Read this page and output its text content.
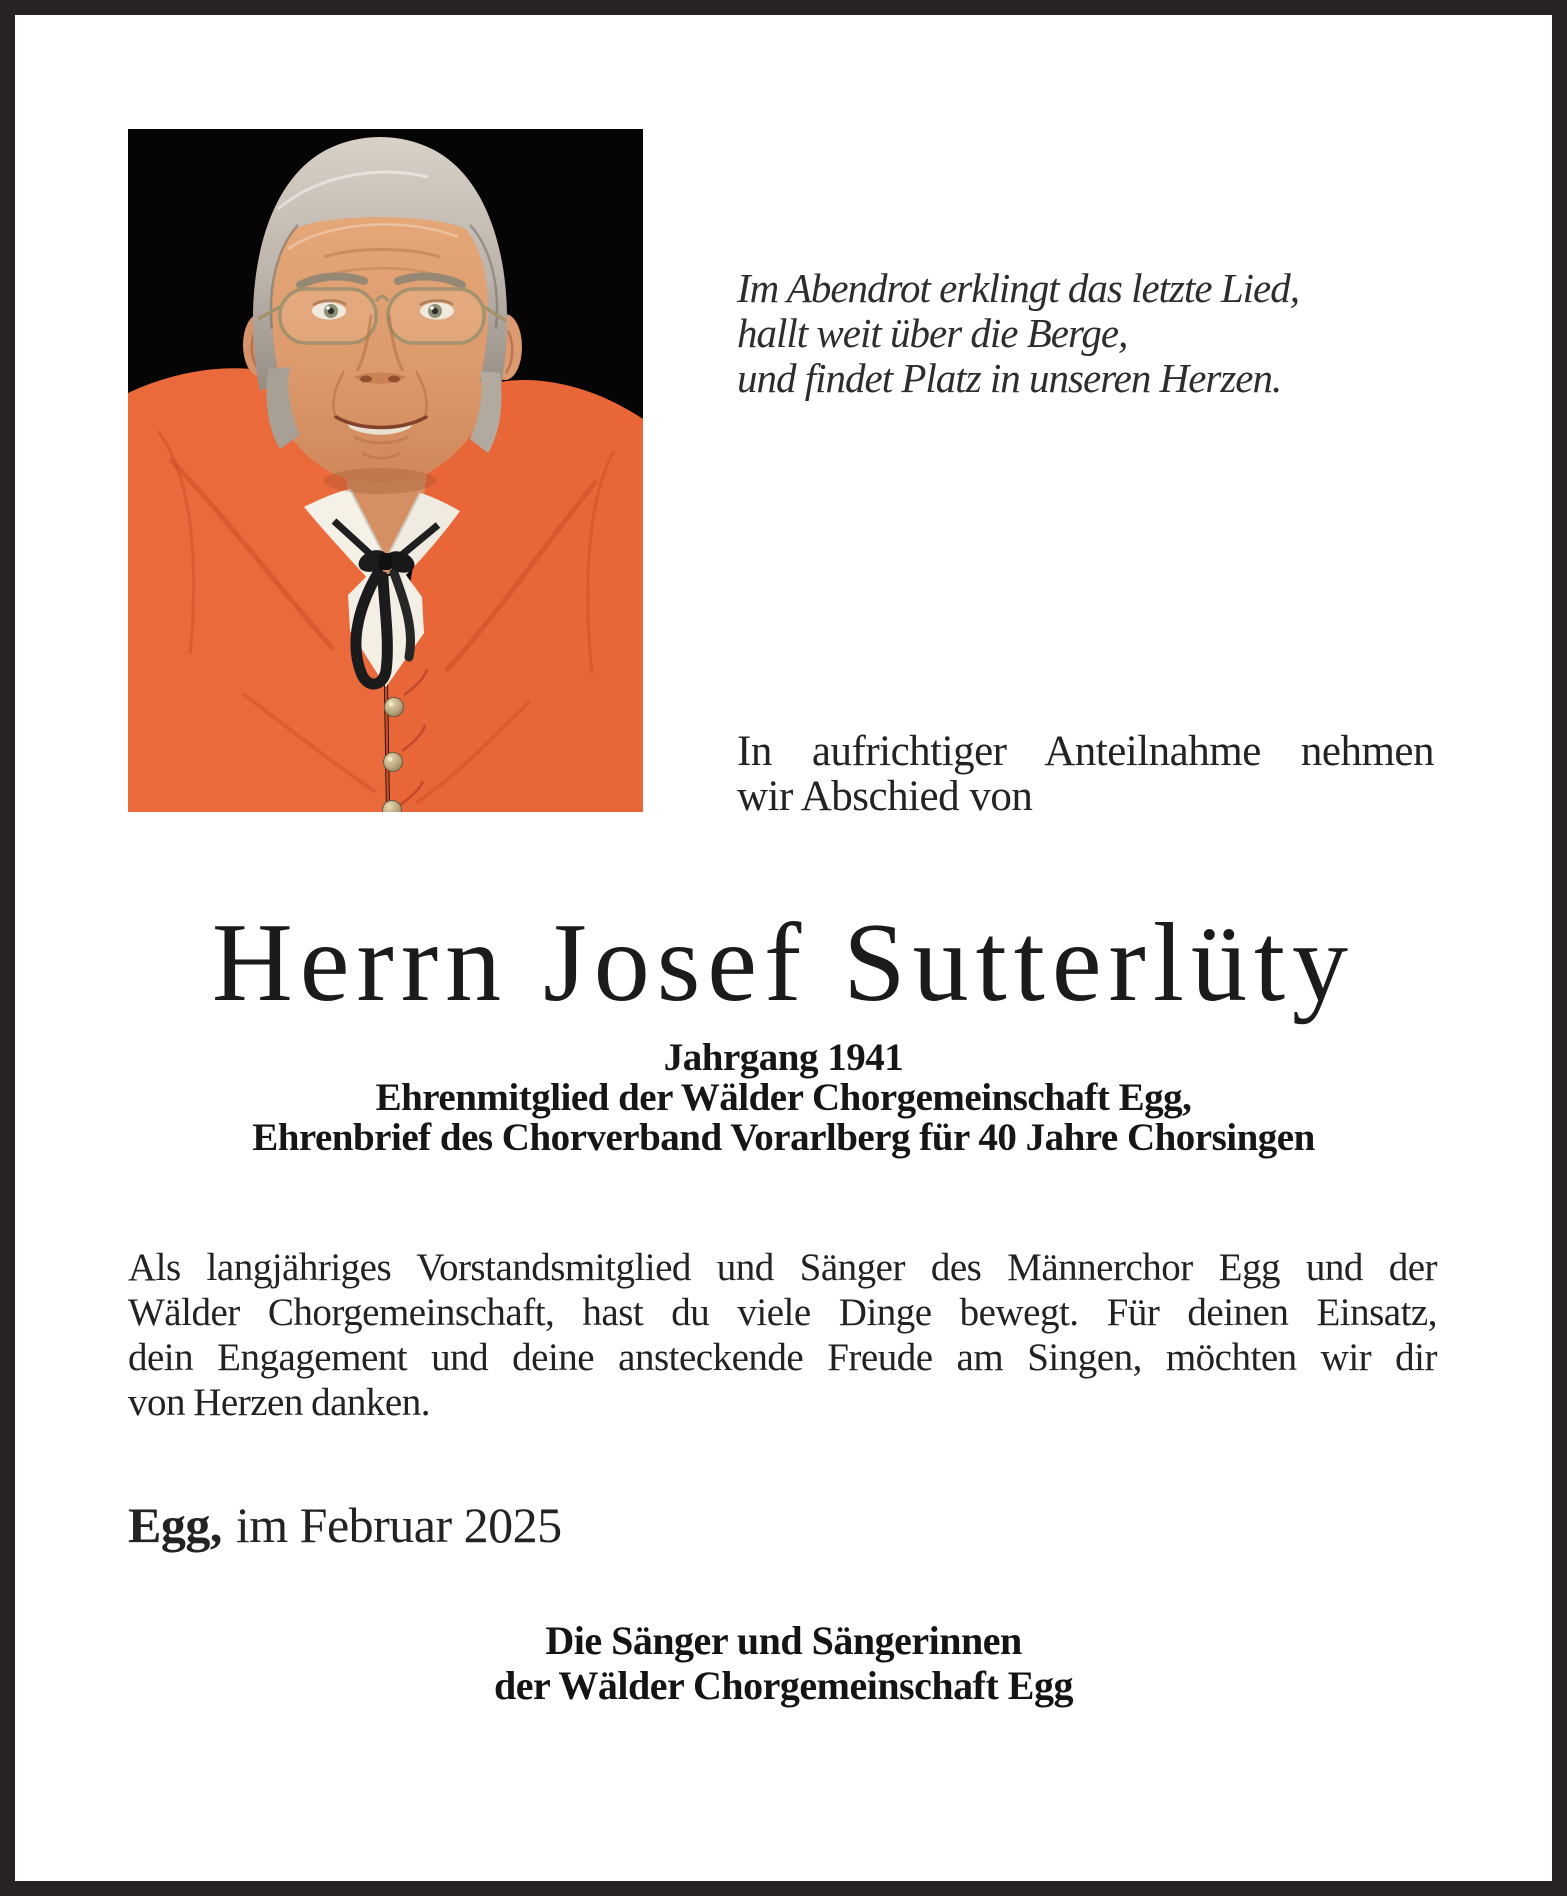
Im Abendrot erklingt das letzte Lied,
hallt weit über die Berge,
und findet Platz in unseren Herzen.
In aufrichtiger Anteilnahme nehmen
wir Abschied von
Herrn Josef Sutterlüty
Jahrgang 1941
Ehrenmitglied der Wälder Chorgemeinschaft Egg,
Ehrenbrief des Chorverband Vorarlberg für 40 Jahre Chorsingen
Als langjähriges Vorstandsmitglied und Sänger des Männerchor Egg und der
Wälder Chorgemeinschaft, hast du viele Dinge bewegt. Für deinen Einsatz,
dein Engagement und deine ansteckende Freude am Singen, möchten wir dir
von Herzen danken.
Egg, im Februar 2025
Die Sänger und Sängerinnen
der Wälder Chorgemeinschaft Egg
